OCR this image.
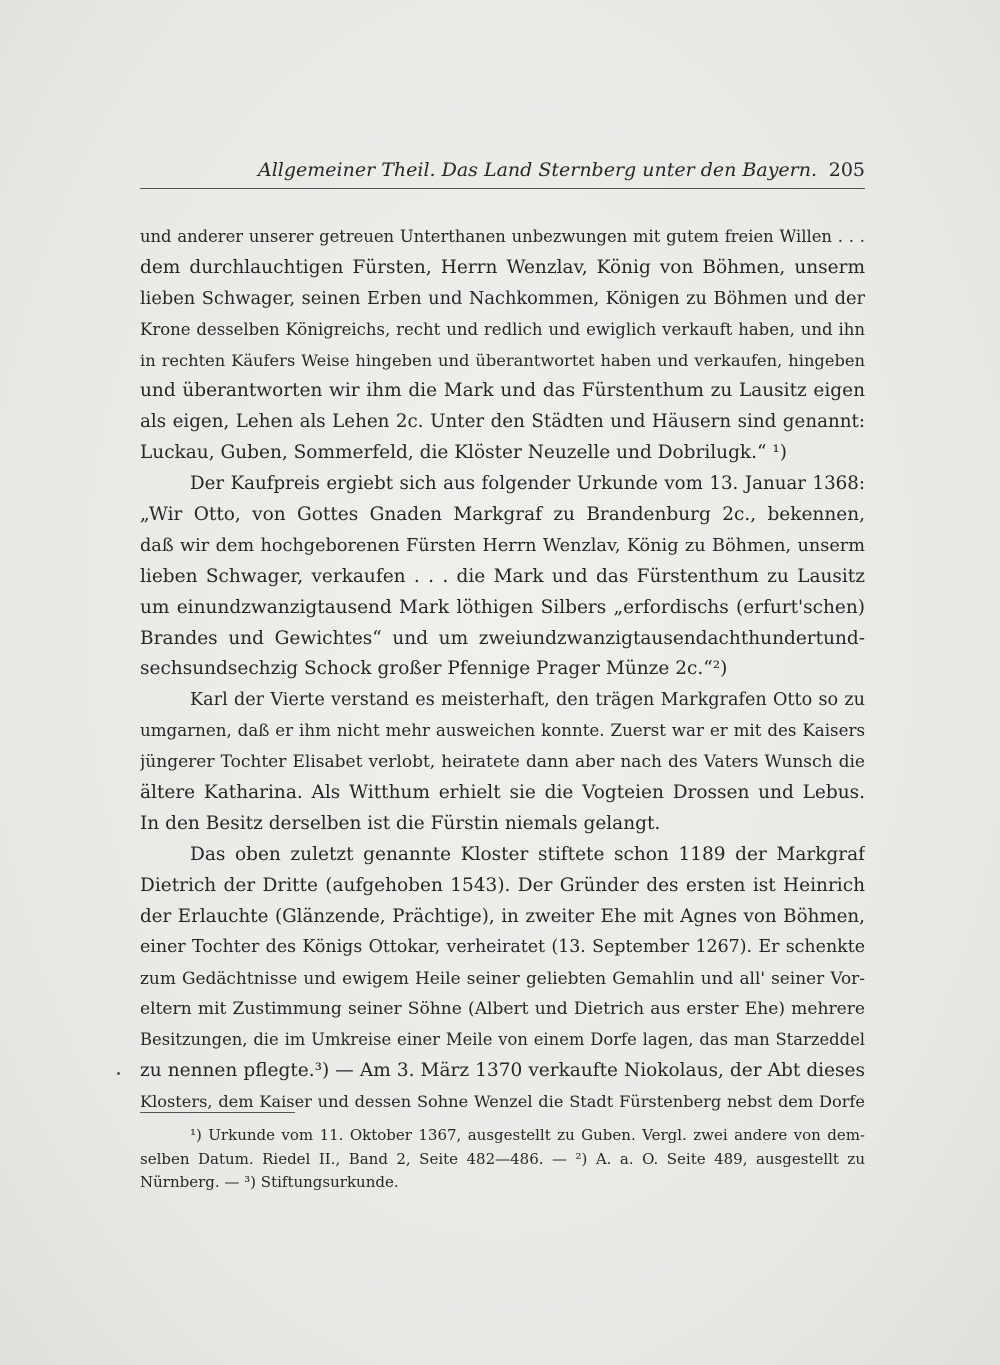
Allgemeiner Theil. Das Land Sternberg unter den Bayern. 205
und anderer unserer getreuen Unterthanen unbezwungen mit gutem freien Willen . . .
dem durchlauchtigen Fürsten, Herrn Wenzlav, König von Böhmen, unserm
lieben Schwager, seinen Erben und Nachkommen, Königen zu Böhmen und der
Krone desselben Königreichs, recht und redlich und ewiglich verkauft haben, und ihn
in rechten Käufers Weise hingeben und überantwortet haben und verkaufen, hingeben
und überantworten wir ihm die Mark und das Fürstenthum zu Lausitz eigen
als eigen, Lehen als Lehen 2c. Unter den Städten und Häusern sind genannt:
Luckau, Guben, Sommerfeld, die Klöster Neuzelle und Dobrilugk.“ ¹)
Der Kaufpreis ergiebt sich aus folgender Urkunde vom 13. Januar 1368:
„Wir Otto, von Gottes Gnaden Markgraf zu Brandenburg 2c., bekennen,
daß wir dem hochgeborenen Fürsten Herrn Wenzlav, König zu Böhmen, unserm
lieben Schwager, verkaufen . . . die Mark und das Fürstenthum zu Lausitz
um einundzwanzigtausend Mark löthigen Silbers „erfordischs (erfurt'schen)
Brandes und Gewichtes“ und um zweiundzwanzigtausendachthundertund-
sechsundsechzig Schock großer Pfennige Prager Münze 2c.“²)
Karl der Vierte verstand es meisterhaft, den trägen Markgrafen Otto so zu
umgarnen, daß er ihm nicht mehr ausweichen konnte. Zuerst war er mit des Kaisers
jüngerer Tochter Elisabet verlobt, heiratete dann aber nach des Vaters Wunsch die
ältere Katharina. Als Witthum erhielt sie die Vogteien Drossen und Lebus.
In den Besitz derselben ist die Fürstin niemals gelangt.
Das oben zuletzt genannte Kloster stiftete schon 1189 der Markgraf
Dietrich der Dritte (aufgehoben 1543). Der Gründer des ersten ist Heinrich
der Erlauchte (Glänzende, Prächtige), in zweiter Ehe mit Agnes von Böhmen,
einer Tochter des Königs Ottokar, verheiratet (13. September 1267). Er schenkte
zum Gedächtnisse und ewigem Heile seiner geliebten Gemahlin und all' seiner Vor-
eltern mit Zustimmung seiner Söhne (Albert und Dietrich aus erster Ehe) mehrere
Besitzungen, die im Umkreise einer Meile von einem Dorfe lagen, das man Starzeddel
zu nennen pflegte.³) — Am 3. März 1370 verkaufte Niokolaus, der Abt dieses
Klosters, dem Kaiser und dessen Sohne Wenzel die Stadt Fürstenberg nebst dem Dorfe
¹) Urkunde vom 11. Oktober 1367, ausgestellt zu Guben. Vergl. zwei andere von dem-
selben Datum. Riedel II., Band 2, Seite 482—486. — ²) A. a. O. Seite 489, ausgestellt zu
Nürnberg. — ³) Stiftungsurkunde.
